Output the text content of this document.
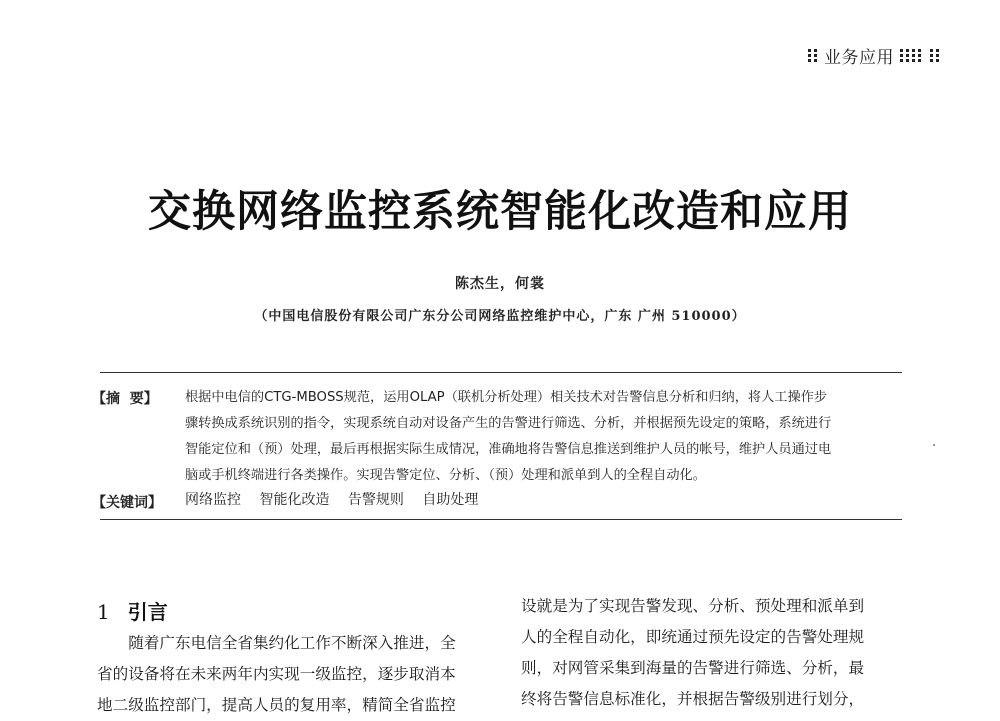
业务应用
交换网络监控系统智能化改造和应用
陈杰生，何裳
（中国电信股份有限公司广东分公司网络监控维护中心，广东 广州 510000）
【摘  要】 根据中电信的CTG-MBOSS规范，运用OLAP（联机分析处理）相关技术对告警信息分析和归纳，将人工操作步
骤转换成系统识别的指令，实现系统自动对设备产生的告警进行筛选、分析，并根据预先设定的策略，系统进行
智能定位和（预）处理，最后再根据实际生成情况，准确地将告警信息推送到维护人员的帐号，维护人员通过电
脑或手机终端进行各类操作。实现告警定位、分析、（预）处理和派单到人的全程自动化。
【关键词】 网络监控 智能化改造 告警规则 自助处理
1 引言
　　随着广东电信全省集约化工作不断深入推进，全
省的设备将在未来两年内实现一级监控，逐步取消本
地二级监控部门，提高人员的复用率，精简全省监控
设就是为了实现告警发现、分析、预处理和派单到
人的全程自动化，即统通过预先设定的告警处理规
则，对网管采集到海量的告警进行筛选、分析，最
终将告警信息标准化，并根据告警级别进行划分，
